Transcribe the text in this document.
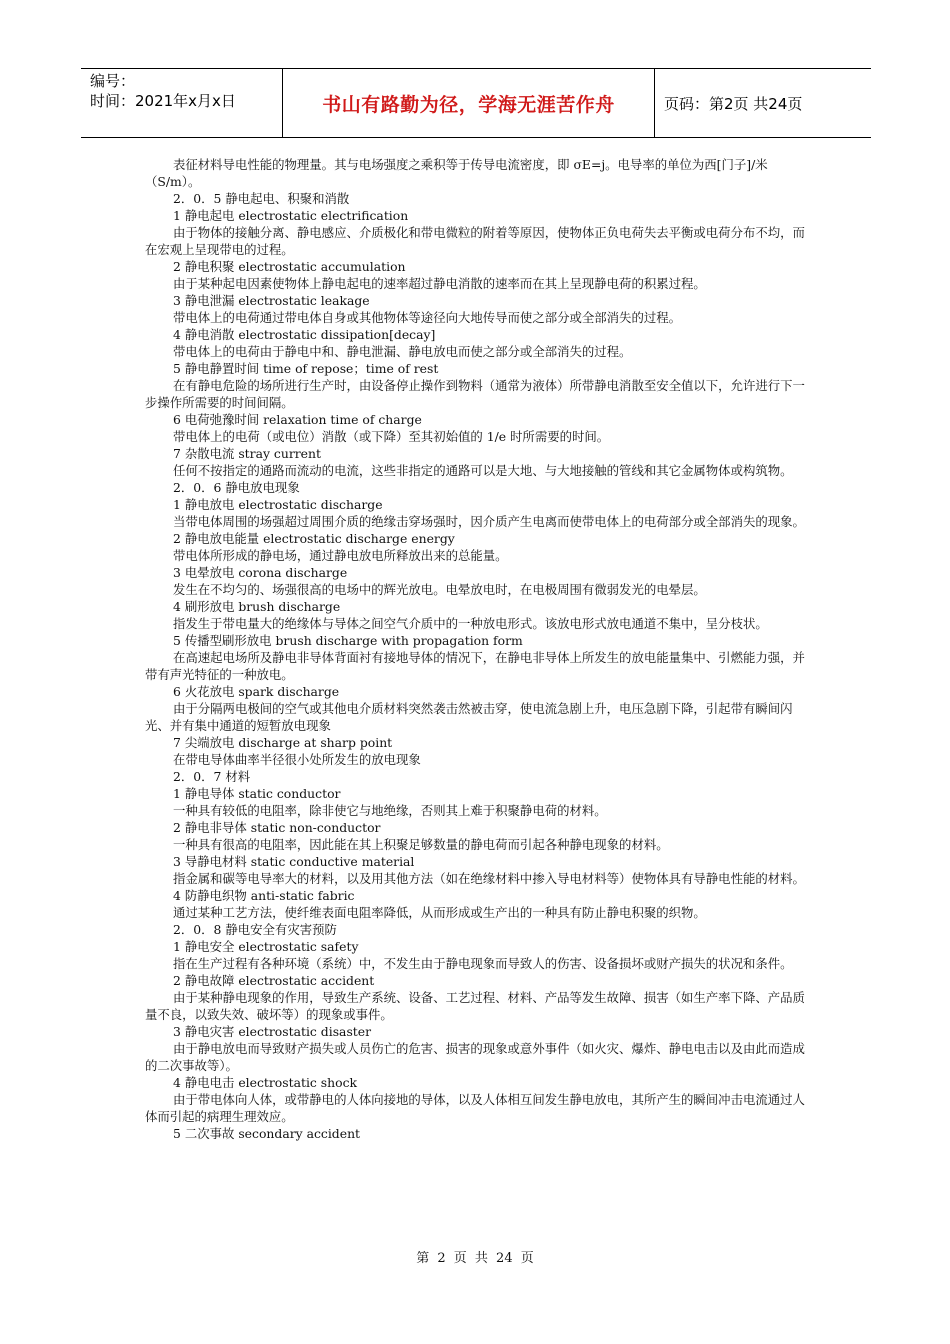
编号：
时间：2021年x月x日	书山有路勤为径，学海无涯苦作舟	页码：第2页 共24页

表征材料导电性能的物理量。其与电场强度之乘积等于传导电流密度，即 σE=j。电导率的单位为西[门子]/米（S/m）。

2．0．5 静电起电、积聚和消散

1 静电起电 electrostatic electrification

由于物体的接触分离、静电感应、介质极化和带电微粒的附着等原因，使物体正负电荷失去平衡或电荷分布不均，而在宏观上呈现带电的过程。

2 静电积聚 electrostatic accumulation

由于某种起电因素使物体上静电起电的速率超过静电消散的速率而在其上呈现静电荷的积累过程。

3 静电泄漏 electrostatic leakage

带电体上的电荷通过带电体自身或其他物体等途径向大地传导而使之部分或全部消失的过程。

4 静电消散 electrostatic dissipation[decay]

带电体上的电荷由于静电中和、静电泄漏、静电放电而使之部分或全部消失的过程。

5 静电静置时间 time of repose；time of rest

在有静电危险的场所进行生产时，由设备停止操作到物料（通常为液体）所带静电消散至安全值以下，允许进行下一步操作所需要的时间间隔。

6 电荷弛豫时间 relaxation time of charge

带电体上的电荷（或电位）消散（或下降）至其初始值的 1/e 时所需要的时间。

7 杂散电流 stray current

任何不按指定的通路而流动的电流，这些非指定的通路可以是大地、与大地接触的管线和其它金属物体或构筑物。

2．0．6 静电放电现象

1 静电放电 electrostatic discharge

当带电体周围的场强超过周围介质的绝缘击穿场强时，因介质产生电离而使带电体上的电荷部分或全部消失的现象。

2 静电放电能量 electrostatic discharge energy

带电体所形成的静电场，通过静电放电所释放出来的总能量。

3 电晕放电 corona discharge

发生在不均匀的、场强很高的电场中的辉光放电。电晕放电时，在电极周围有微弱发光的电晕层。

4 刷形放电 brush discharge

指发生于带电量大的绝缘体与导体之间空气介质中的一种放电形式。该放电形式放电通道不集中，呈分枝状。

5 传播型刷形放电 brush discharge with propagation form

在高速起电场所及静电非导体背面衬有接地导体的情况下，在静电非导体上所发生的放电能量集中、引燃能力强，并带有声光特征的一种放电。

6 火花放电 spark discharge

由于分隔两电极间的空气或其他电介质材料突然袭击然被击穿，使电流急剧上升，电压急剧下降，引起带有瞬间闪光、并有集中通道的短暂放电现象

7 尖端放电 discharge at sharp point

在带电导体曲率半径很小处所发生的放电现象

2．0．7 材料

1 静电导体 static conductor

一种具有较低的电阻率，除非使它与地绝缘，否则其上难于积聚静电荷的材料。

2 静电非导体 static non-conductor

一种具有很高的电阻率，因此能在其上积聚足够数量的静电荷而引起各种静电现象的材料。

3 导静电材料 static conductive material

指金属和碳等电导率大的材料，以及用其他方法（如在绝缘材料中掺入导电材料等）使物体具有导静电性能的材料。

4 防静电织物 anti-static fabric

通过某种工艺方法，使纤维表面电阻率降低，从而形成或生产出的一种具有防止静电积聚的织物。

2．0．8 静电安全有灾害预防

1 静电安全 electrostatic safety

指在生产过程有各种环境（系统）中，不发生由于静电现象而导致人的伤害、设备损坏或财产损失的状况和条件。

2 静电故障 electrostatic accident

由于某种静电现象的作用，导致生产系统、设备、工艺过程、材料、产品等发生故障、损害（如生产率下降、产品质量不良，以致失效、破坏等）的现象或事件。

3 静电灾害 electrostatic disaster

由于静电放电而导致财产损失或人员伤亡的危害、损害的现象或意外事件（如火灾、爆炸、静电电击以及由此而造成的二次事故等）。

4 静电电击 electrostatic shock

由于带电体向人体，或带静电的人体向接地的导体，以及人体相互间发生静电放电，其所产生的瞬间冲击电流通过人体而引起的病理生理效应。

5 二次事故 secondary accident

第 2 页 共 24 页
